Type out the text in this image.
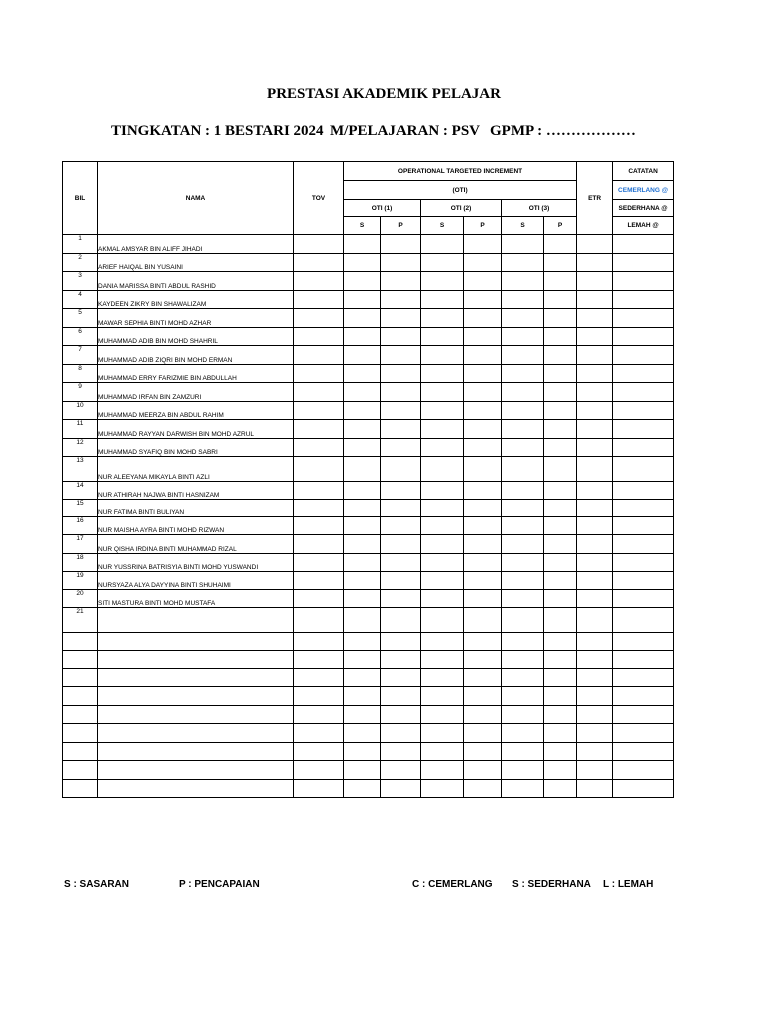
PRESTASI AKADEMIK PELAJAR
TINGKATAN : 1 BESTARI 2024 M/PELAJARAN : PSV GPMP : ………………
BIL	NAMA	TOV	OPERATIONAL TARGETED INCREMENT						ETR	CATATAN
			(OTI)							CEMERLANG @
			OTI (1)		OTI (2)		OTI (3)			SEDERHANA @
			S	P	S	P	S	P		LEMAH @
1	AKMAL AMSYAR BIN ALIFF JIHADI									
2	ARIEF HAIQAL BIN YUSAINI									
3	DANIA MARISSA BINTI ABDUL RASHID									
4	KAYDEEN ZIKRY BIN SHAWALIZAM									
5	MAWAR SEPHIA BINTI MOHD AZHAR									
6	MUHAMMAD ADIB BIN MOHD SHAHRIL									
7	MUHAMMAD ADIB ZIQRI BIN MOHD ERMAN									
8	MUHAMMAD ERRY FARIZMIE BIN ABDULLAH									
9	MUHAMMAD IRFAN BIN ZAMZURI									
10	MUHAMMAD MEERZA BIN ABDUL RAHIM									
11	MUHAMMAD RAYYAN DARWISH BIN MOHD AZRUL									
12	MUHAMMAD SYAFIQ BIN MOHD SABRI									
13	NUR ALEEYANA MIKAYLA BINTI AZLI									
14	NUR ATHIRAH NAJWA BINTI HASNIZAM									
15	NUR FATIMA BINTI BULIYAN									
16	NUR MAISHA AYRA BINTI MOHD RIZWAN									
17	NUR QISHA IRDINA BINTI MUHAMMAD RIZAL									
18	NUR YUSSRINA BATRISYIA BINTI MOHD YUSWANDI									
19	NURSYAZA ALYA DAYYINA BINTI SHUHAIMI									
20	SITI MASTURA BINTI MOHD MUSTAFA									
21										

S : SASARAN	P : PENCAPAIAN	C : CEMERLANG S : SEDERHANA L : LEMAH
